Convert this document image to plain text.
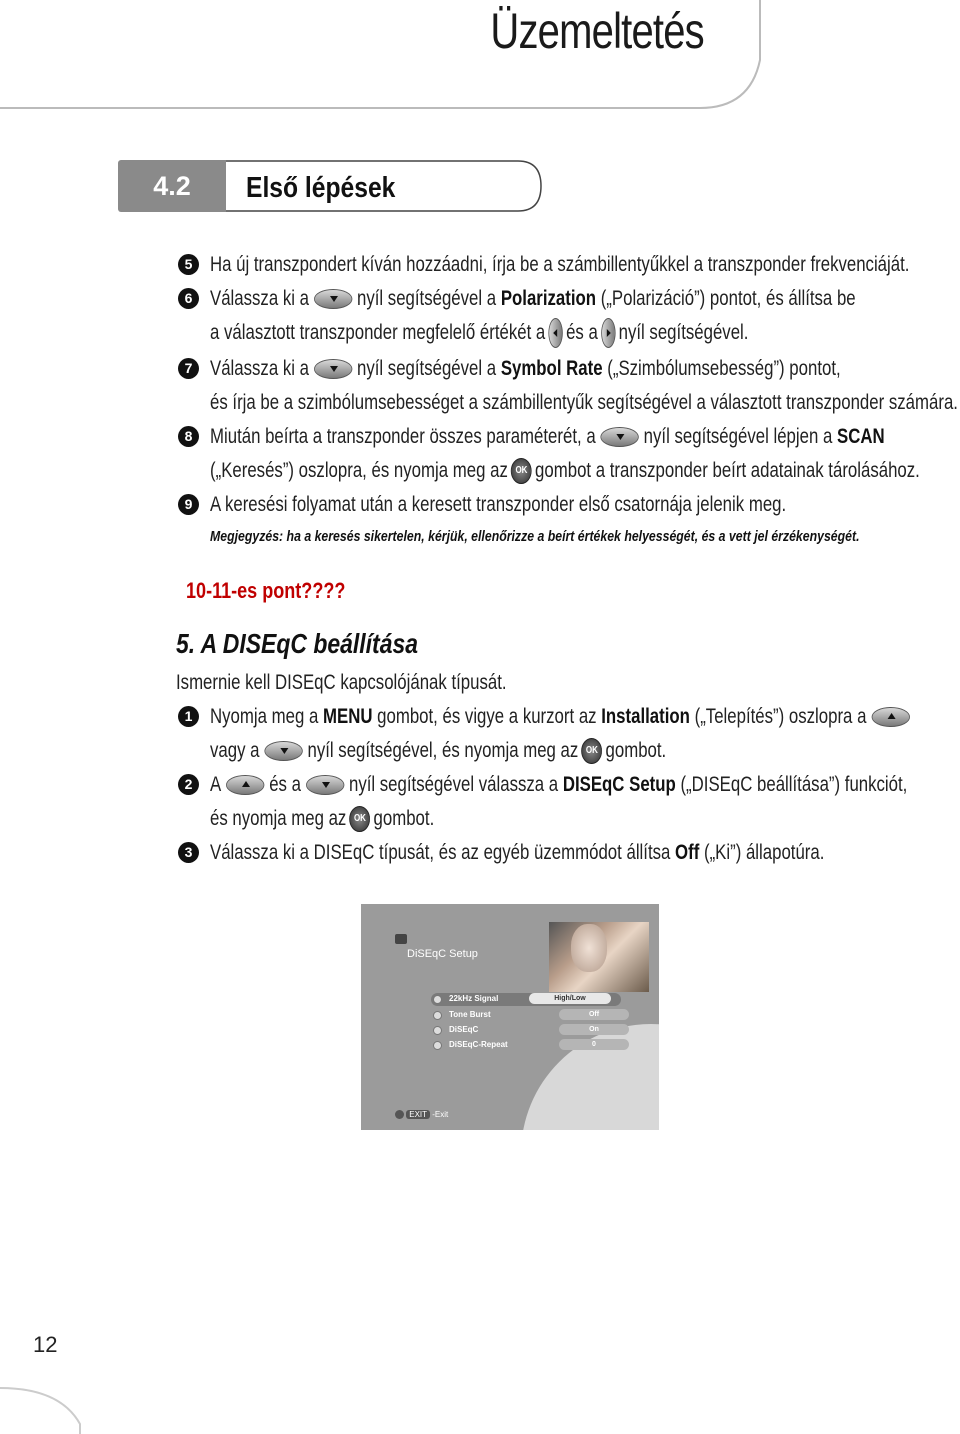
Üzemeltetés
4.2	Első lépések
5 Ha új transzpondert kíván hozzáadni, írja be a számbillentyűkkel a transzponder frekvenciáját.
6 Válassza ki a nyíl segítségével a Polarization („Polarizáció”) pontot, és állítsa be
a választott transzponder megfelelő értékét a és a nyíl segítségével.
7 Válassza ki a nyíl segítségével a Symbol Rate („Szimbólumsebesség”) pontot,
és írja be a szimbólumsebességet a számbillentyűk segítségével a választott transzponder számára.
8 Miután beírta a transzponder összes paraméterét, a nyíl segítségével lépjen a SCAN
(„Keresés”) oszlopra, és nyomja meg az OK gombot a transzponder beírt adatainak tárolásához.
9 A keresési folyamat után a keresett transzponder első csatornája jelenik meg.
Megjegyzés: ha a keresés sikertelen, kérjük, ellenőrizze a beírt értékek helyességét, és a vett jel érzékenységét.
10-11-es pont????
5. A DISEqC beállítása
Ismernie kell DISEqC kapcsolójának típusát.
1 Nyomja meg a MENU gombot, és vigye a kurzort az Installation („Telepítés”) oszlopra a
vagy a nyíl segítségével, és nyomja meg az OK gombot.
2 A és a nyíl segítségével válassza a DISEqC Setup („DISEqC beállítása”) funkciót,
és nyomja meg az OK gombot.
3 Válassza ki a DISEqC típusát, és az egyéb üzemmódot állítsa Off („Ki”) állapotúra.
DiSEqC Setup
22kHz Signal	High/Low
Tone Burst	Off
DiSEqC	On
DiSEqC-Repeat	0
EXIT -Exit
12
